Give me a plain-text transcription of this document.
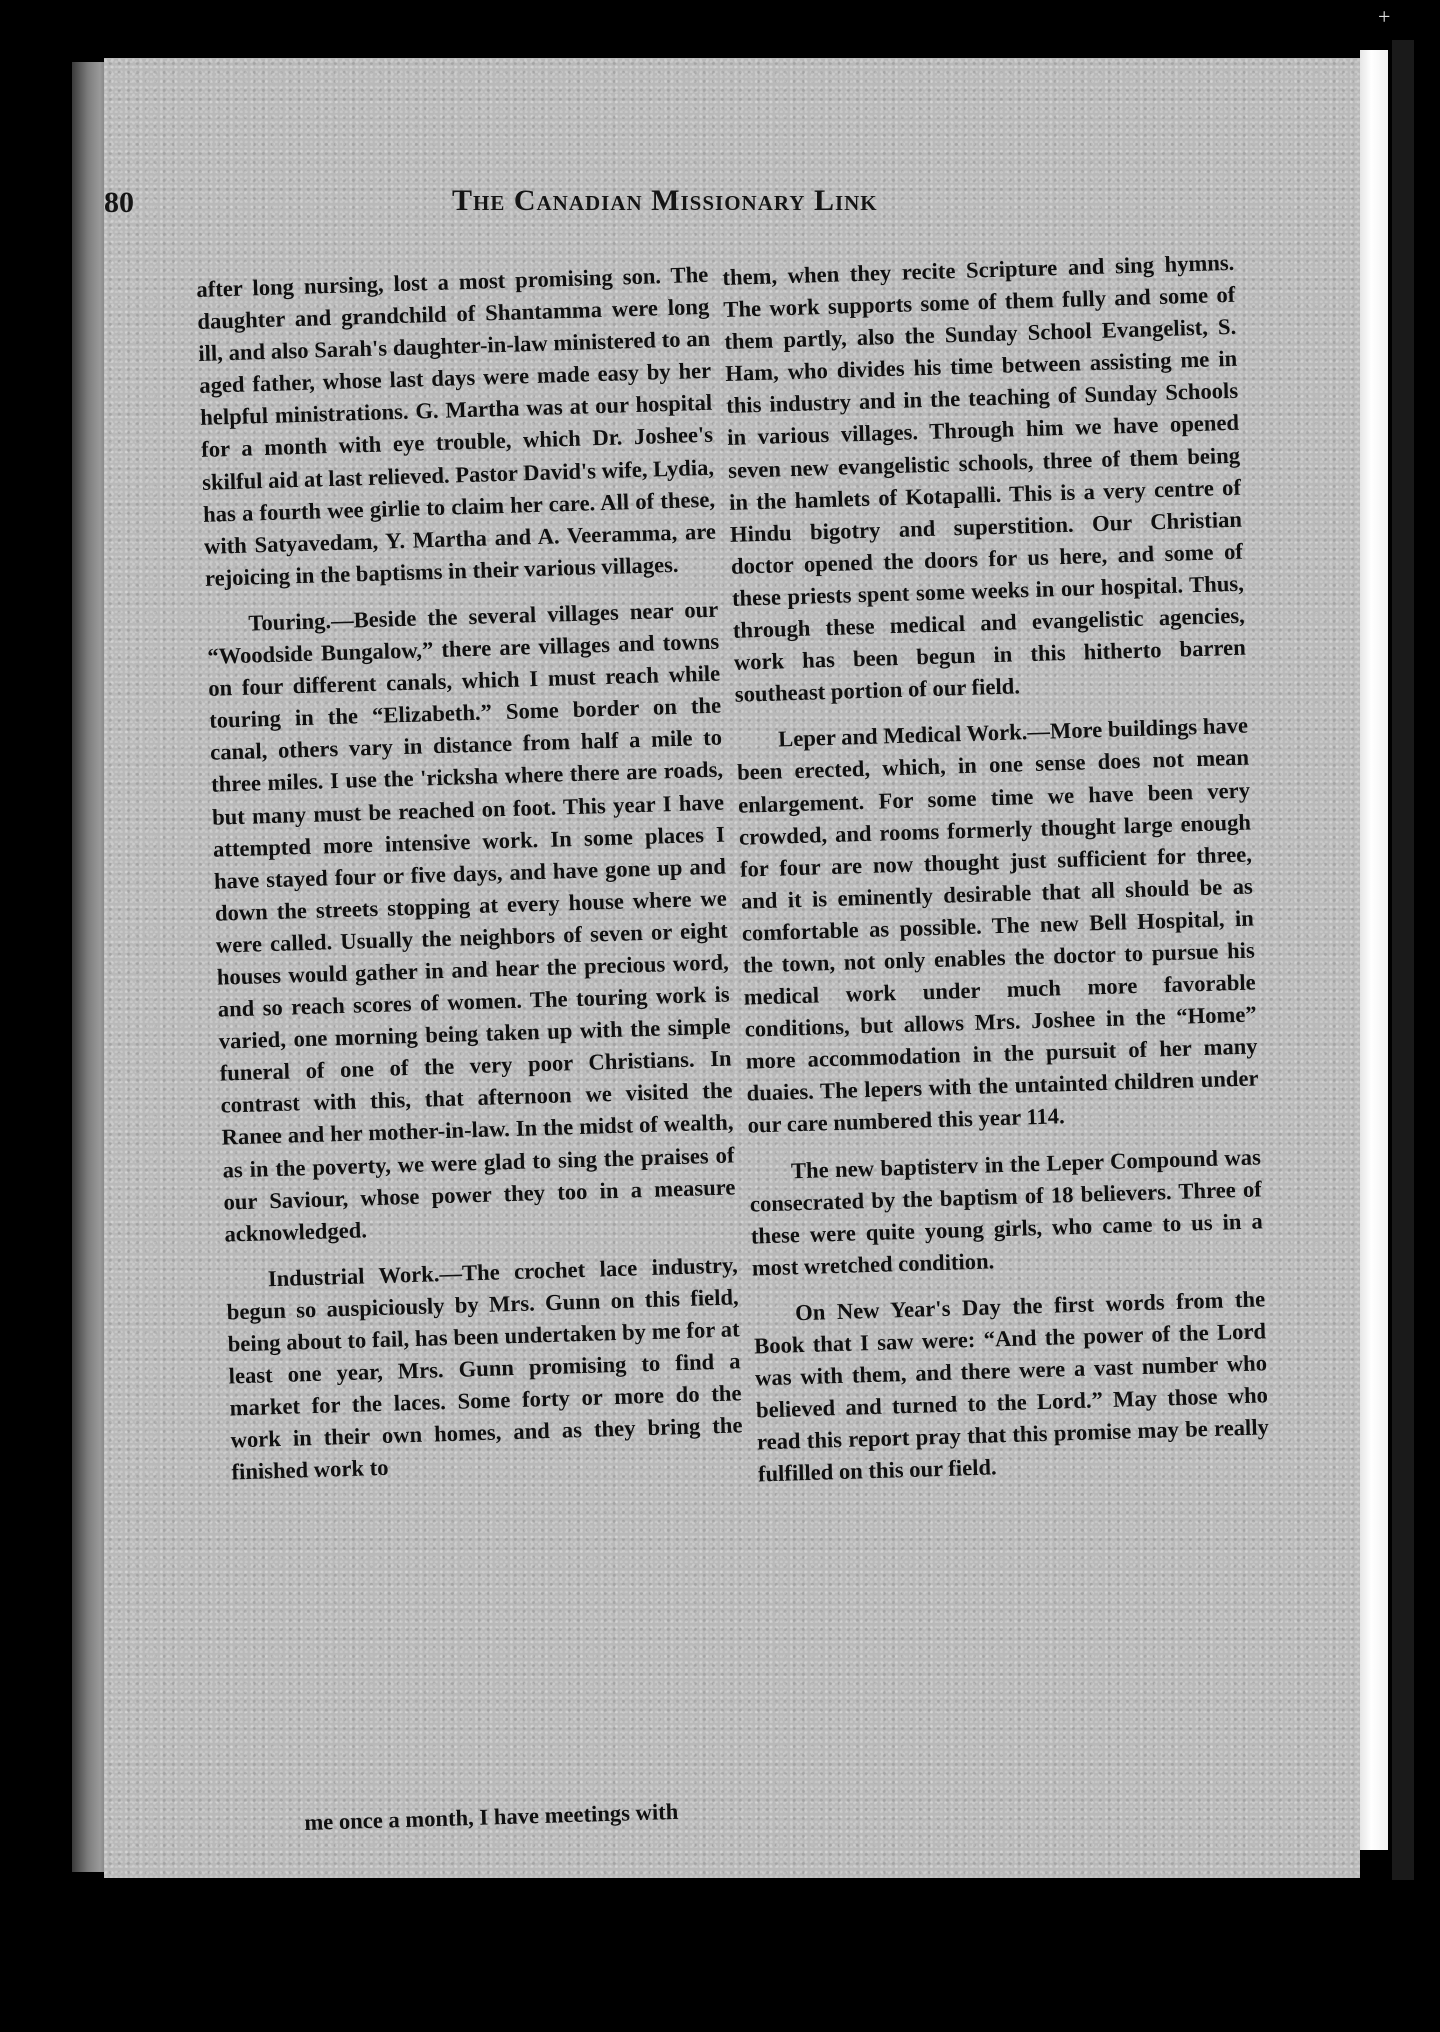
+
80	The Canadian Missionary Link

after long nursing, lost a most promising son. The daughter and grandchild of Shantamma were long ill, and also Sarah's daughter-in-law ministered to an aged father, whose last days were made easy by her helpful ministrations. G. Martha was at our hospital for a month with eye trouble, which Dr. Joshee's skilful aid at last relieved. Pastor David's wife, Lydia, has a fourth wee girlie to claim her care. All of these, with Satyavedam, Y. Martha and A. Veeramma, are rejoicing in the baptisms in their various villages.

Touring.—Beside the several villages near our “Woodside Bungalow,” there are villages and towns on four different canals, which I must reach while touring in the “Elizabeth.” Some border on the canal, others vary in distance from half a mile to three miles. I use the 'ricksha where there are roads, but many must be reached on foot. This year I have attempted more intensive work. In some places I have stayed four or five days, and have gone up and down the streets stopping at every house where we were called. Usually the neighbors of seven or eight houses would gather in and hear the precious word, and so reach scores of women. The touring work is varied, one morning being taken up with the simple funeral of one of the very poor Christians. In contrast with this, that afternoon we visited the Ranee and her mother-in-law. In the midst of wealth, as in the poverty, we were glad to sing the praises of our Saviour, whose power they too in a measure acknowledged.

Industrial Work.—The crochet lace industry, begun so auspiciously by Mrs. Gunn on this field, being about to fail, has been undertaken by me for at least one year, Mrs. Gunn promising to find a market for the laces. Some forty or more do the work in their own homes, and as they bring the finished work to

me once a month, I have meetings with

them, when they recite Scripture and sing hymns. The work supports some of them fully and some of them partly, also the Sunday School Evangelist, S. Ham, who divides his time between assisting me in this industry and in the teaching of Sunday Schools in various villages. Through him we have opened seven new evangelistic schools, three of them being in the hamlets of Kotapalli. This is a very centre of Hindu bigotry and superstition. Our Christian doctor opened the doors for us here, and some of these priests spent some weeks in our hospital. Thus, through these medical and evangelistic agencies, work has been begun in this hitherto barren southeast portion of our field.

Leper and Medical Work.—More buildings have been erected, which, in one sense does not mean enlargement. For some time we have been very crowded, and rooms formerly thought large enough for four are now thought just sufficient for three, and it is eminently desirable that all should be as comfortable as possible. The new Bell Hospital, in the town, not only enables the doctor to pursue his medical work under much more favorable conditions, but allows Mrs. Joshee in the “Home” more accommodation in the pursuit of her many duaies. The lepers with the untainted children under our care numbered this year 114.

The new baptisterv in the Leper Compound was consecrated by the baptism of 18 believers. Three of these were quite young girls, who came to us in a most wretched condition.

On New Year's Day the first words from the Book that I saw were: “And the power of the Lord was with them, and there were a vast number who believed and turned to the Lord.” May those who read this report pray that this promise may be really fulfilled on this our field.
